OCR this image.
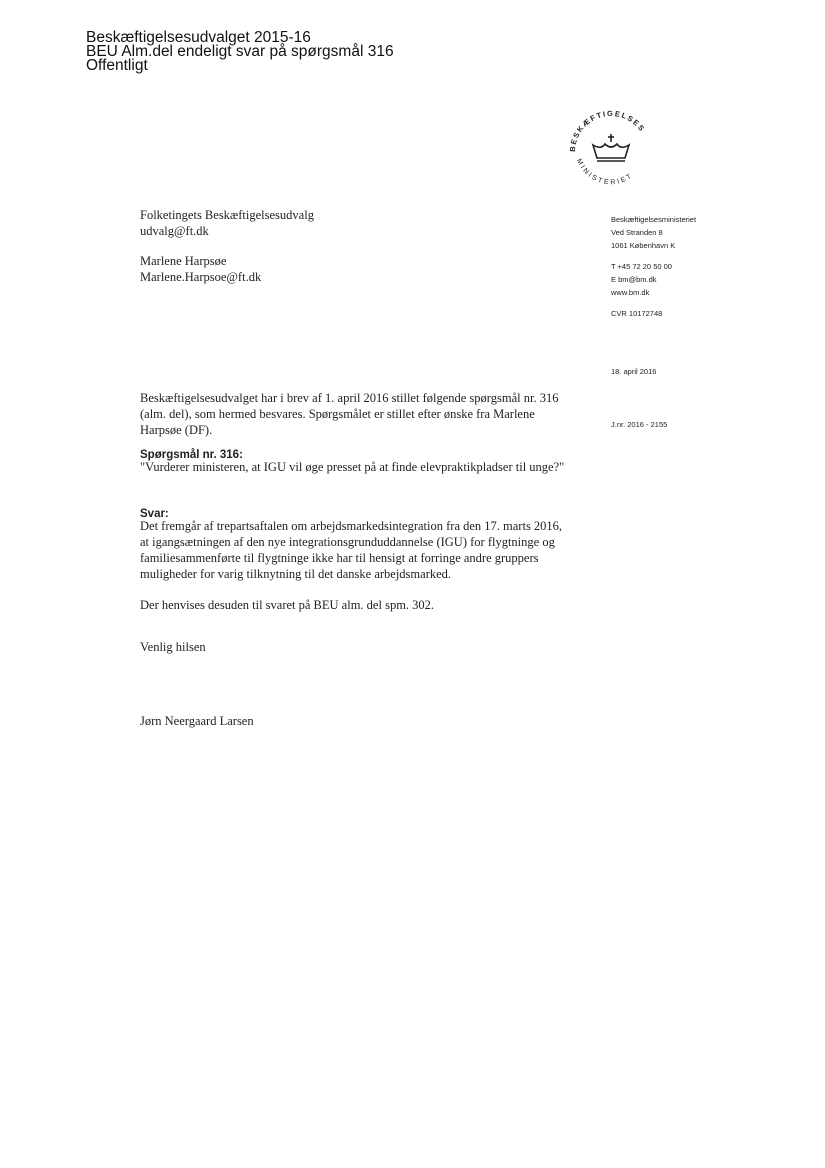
Beskæftigelsesudvalget 2015-16
BEU Alm.del endeligt svar på spørgsmål 316
Offentligt
BESKÆFTIGELSES
MINISTERIET
Folketingets Beskæftigelsesudvalg
udvalg@ft.dk
Marlene Harpsøe
Marlene.Harpsoe@ft.dk
Beskæftigelsesministeriet
Ved Stranden 8
1061 København K
T +45 72 20 50 00
E bm@bm.dk
www.bm.dk
CVR 10172748
18. april 2016
J.nr. 2016 - 2155
Beskæftigelsesudvalget har i brev af 1. april 2016 stillet følgende spørgsmål nr. 316 (alm. del), som hermed besvares. Spørgsmålet er stillet efter ønske fra Marlene Harpsøe (DF).
Spørgsmål nr. 316:
"Vurderer ministeren, at IGU vil øge presset på at finde elevpraktikpladser til unge?"
Svar:
Det fremgår af trepartsaftalen om arbejdsmarkedsintegration fra den 17. marts 2016, at igangsætningen af den nye integrationsgrunduddannelse (IGU) for flygtninge og familiesammenførte til flygtninge ikke har til hensigt at forringe andre gruppers muligheder for varig tilknytning til det danske arbejdsmarked.
Der henvises desuden til svaret på BEU alm. del spm. 302.
Venlig hilsen
Jørn Neergaard Larsen
